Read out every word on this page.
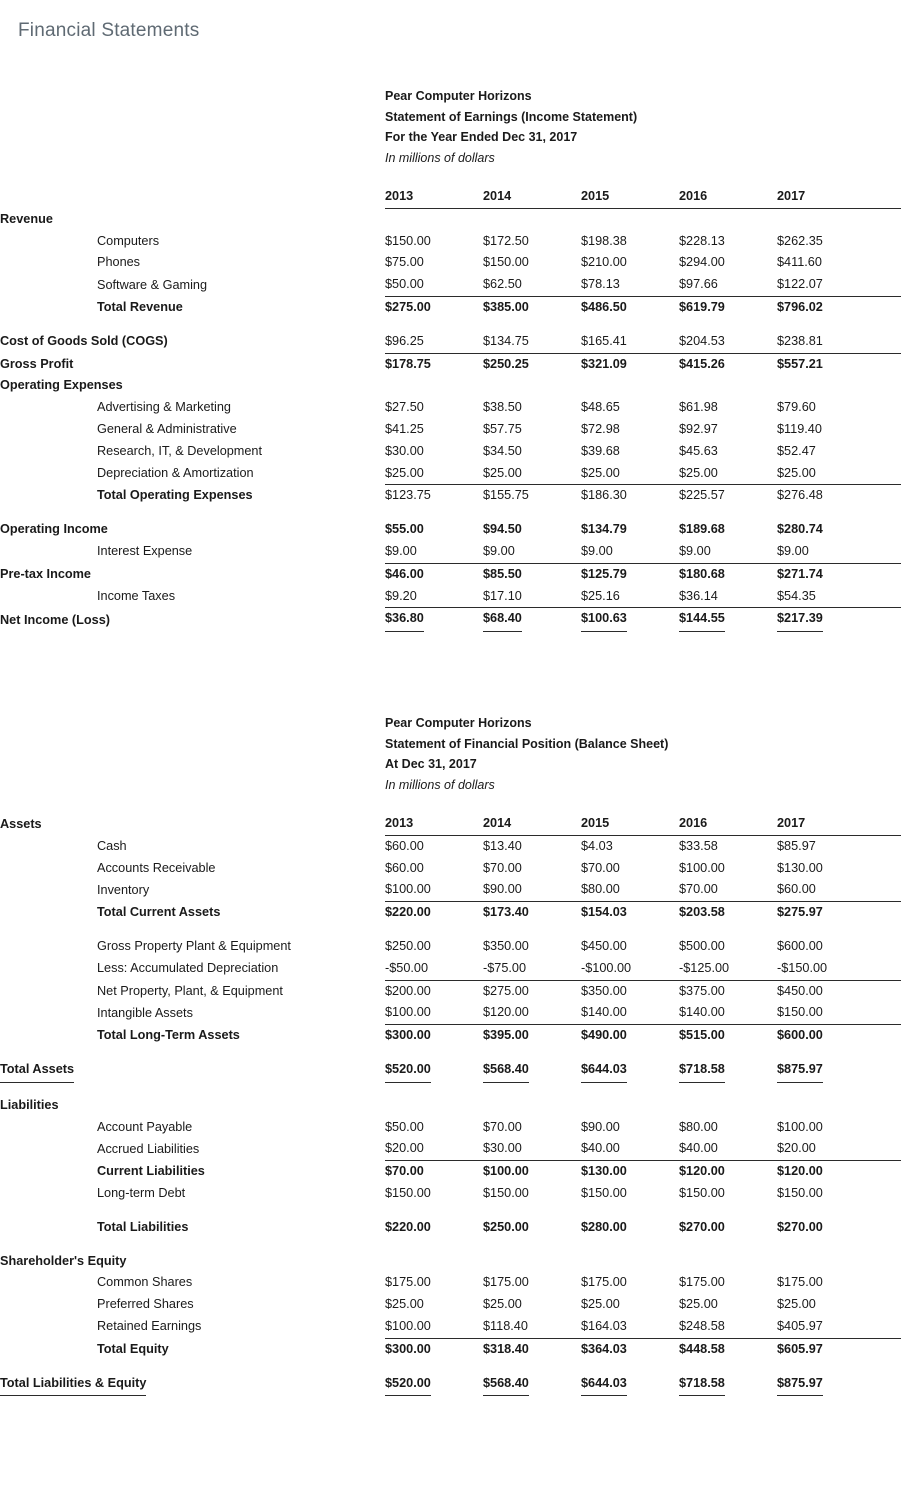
Financial Statements
Pear Computer Horizons
Statement of Earnings (Income Statement)
For the Year Ended Dec 31, 2017
In millions of dollars

	2013	2014	2015	2016	2017	
Revenue						
Computers	$150.00	$172.50	$198.38	$228.13	$262.35	
Phones	$75.00	$150.00	$210.00	$294.00	$411.60	
Software & Gaming	$50.00	$62.50	$78.13	$97.66	$122.07	
Total Revenue	$275.00	$385.00	$486.50	$619.79	$796.02	

Cost of Goods Sold (COGS)	$96.25	$134.75	$165.41	$204.53	$238.81	
Gross Profit	$178.75	$250.25	$321.09	$415.26	$557.21	
Operating Expenses						
Advertising & Marketing	$27.50	$38.50	$48.65	$61.98	$79.60	
General & Administrative	$41.25	$57.75	$72.98	$92.97	$119.40	
Research, IT, & Development	$30.00	$34.50	$39.68	$45.63	$52.47	
Depreciation & Amortization	$25.00	$25.00	$25.00	$25.00	$25.00	
Total Operating Expenses	$123.75	$155.75	$186.30	$225.57	$276.48	

Operating Income	$55.00	$94.50	$134.79	$189.68	$280.74	
Interest Expense	$9.00	$9.00	$9.00	$9.00	$9.00	
Pre-tax Income	$46.00	$85.50	$125.79	$180.68	$271.74	
Income Taxes	$9.20	$17.10	$25.16	$36.14	$54.35	
Net Income (Loss)	$36.80	$68.40	$100.63	$144.55	$217.39	
Pear Computer Horizons
Statement of Financial Position (Balance Sheet)
At Dec 31, 2017
In millions of dollars

Assets	2013	2014	2015	2016	2017	
Cash	$60.00	$13.40	$4.03	$33.58	$85.97	
Accounts Receivable	$60.00	$70.00	$70.00	$100.00	$130.00	
Inventory	$100.00	$90.00	$80.00	$70.00	$60.00	
Total Current Assets	$220.00	$173.40	$154.03	$203.58	$275.97	

Gross Property Plant & Equipment	$250.00	$350.00	$450.00	$500.00	$600.00	
Less: Accumulated Depreciation	-$50.00	-$75.00	-$100.00	-$125.00	-$150.00	
Net Property, Plant, & Equipment	$200.00	$275.00	$350.00	$375.00	$450.00	
Intangible Assets	$100.00	$120.00	$140.00	$140.00	$150.00	
Total Long-Term Assets	$300.00	$395.00	$490.00	$515.00	$600.00	

Total Assets	$520.00	$568.40	$644.03	$718.58	$875.97	

Liabilities						
Account Payable	$50.00	$70.00	$90.00	$80.00	$100.00	
Accrued Liabilities	$20.00	$30.00	$40.00	$40.00	$20.00	
Current Liabilities	$70.00	$100.00	$130.00	$120.00	$120.00	
Long-term Debt	$150.00	$150.00	$150.00	$150.00	$150.00	

Total Liabilities	$220.00	$250.00	$280.00	$270.00	$270.00	

Shareholder's Equity						
Common Shares	$175.00	$175.00	$175.00	$175.00	$175.00	
Preferred Shares	$25.00	$25.00	$25.00	$25.00	$25.00	
Retained Earnings	$100.00	$118.40	$164.03	$248.58	$405.97	
Total Equity	$300.00	$318.40	$364.03	$448.58	$605.97	

Total Liabilities & Equity	$520.00	$568.40	$644.03	$718.58	$875.97	
